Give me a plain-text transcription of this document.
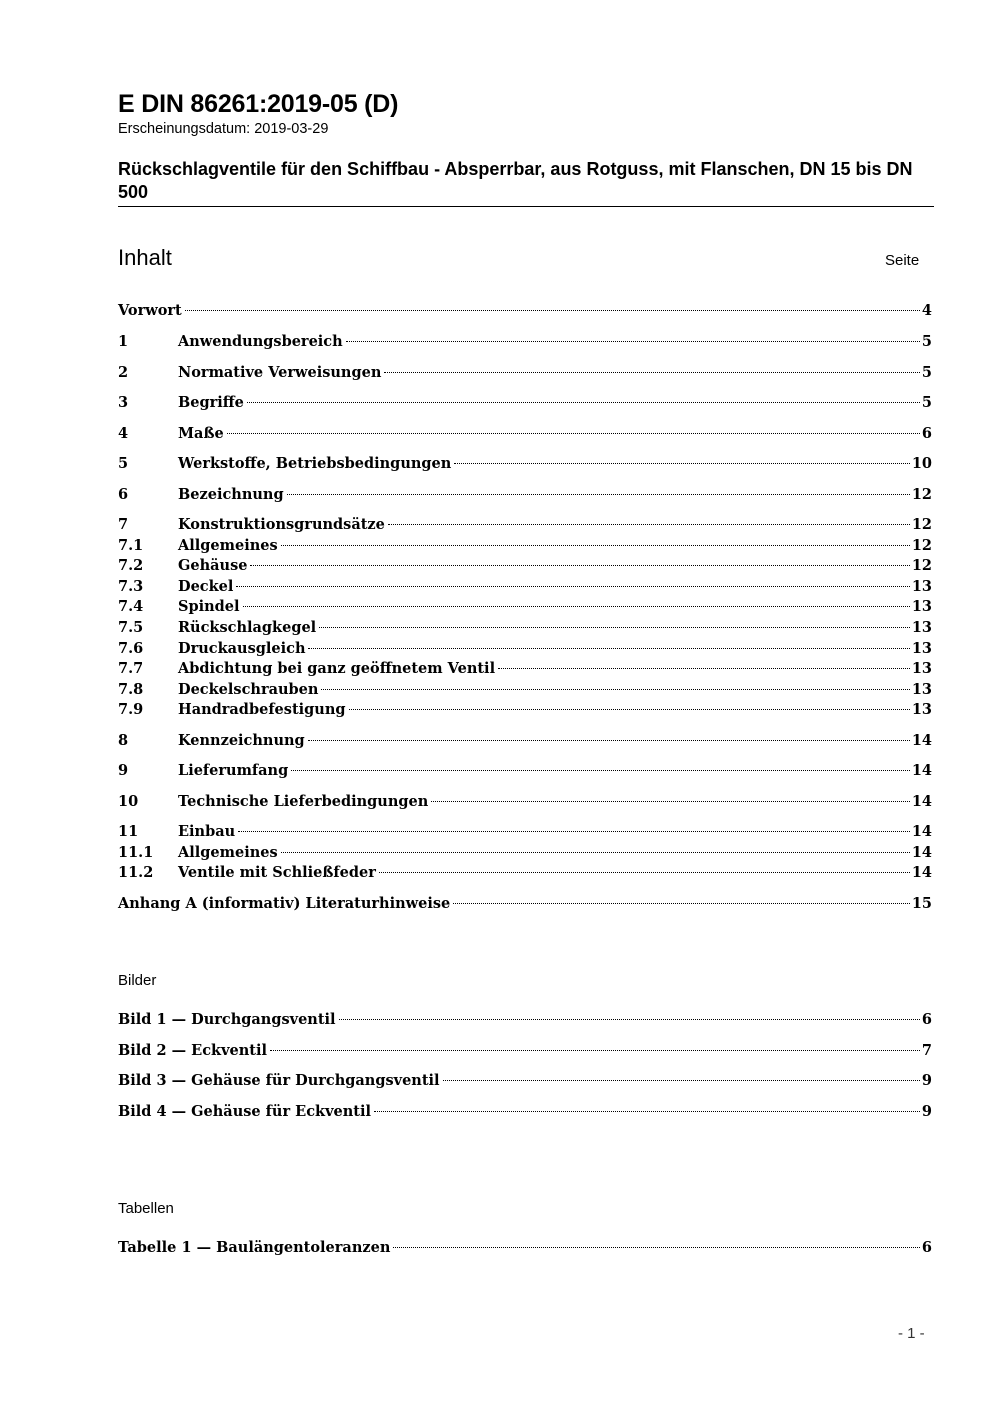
E DIN 86261:2019-05 (D)
Erscheinungsdatum: 2019-03-29
Rückschlagventile für den Schiffbau - Absperrbar, aus Rotguss, mit Flanschen, DN 15 bis DN 500
Inhalt	Seite
Vorwort	4
1	Anwendungsbereich	5
2	Normative Verweisungen	5
3	Begriffe	5
4	Maße	6
5	Werkstoffe, Betriebsbedingungen	10
6	Bezeichnung	12
7	Konstruktionsgrundsätze	12
7.1	Allgemeines	12
7.2	Gehäuse	12
7.3	Deckel	13
7.4	Spindel	13
7.5	Rückschlagkegel	13
7.6	Druckausgleich	13
7.7	Abdichtung bei ganz geöffnetem Ventil	13
7.8	Deckelschrauben	13
7.9	Handradbefestigung	13
8	Kennzeichnung	14
9	Lieferumfang	14
10	Technische Lieferbedingungen	14
11	Einbau	14
11.1	Allgemeines	14
11.2	Ventile mit Schließfeder	14
Anhang A (informativ) Literaturhinweise	15
Bilder
Bild 1 — Durchgangsventil	6
Bild 2 — Eckventil	7
Bild 3 — Gehäuse für Durchgangsventil	9
Bild 4 — Gehäuse für Eckventil	9
Tabellen
Tabelle 1 — Baulängentoleranzen	6
- 1 -
